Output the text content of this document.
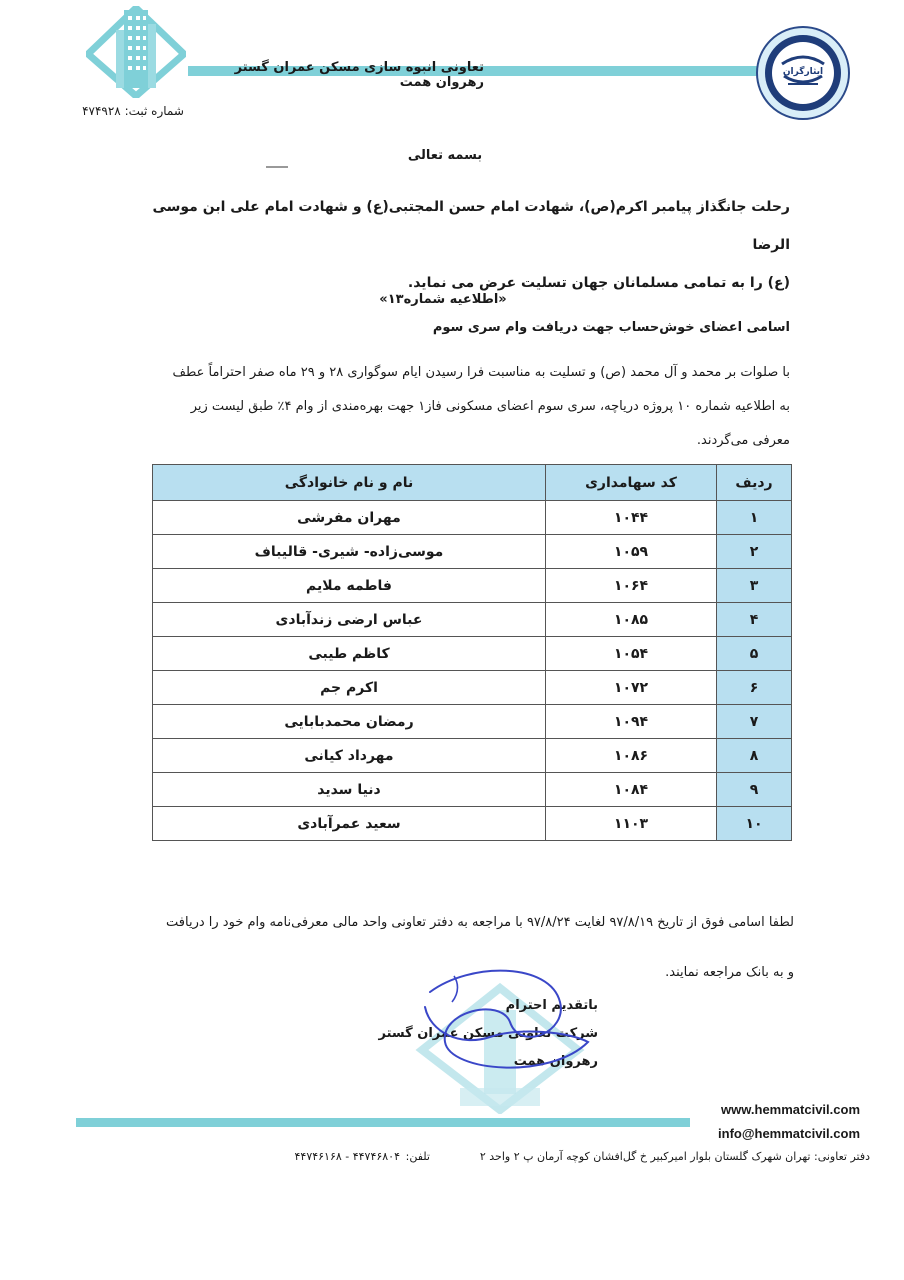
شماره ثبت: ۴۷۴۹۲۸
تعاونی انبوه سازی مسکن عمران گستر رهروان همت
ایثارگران
بسمه تعالی
رحلت جانگذاز پیامبر اکرم(ص)، شهادت امام حسن المجتبی(ع) و شهادت امام علی ابن موسی الرضا
(ع) را به تمامی مسلمانان جهان تسلیت عرض می نماید.
«اطلاعیه شماره۱۳»
اسامی اعضای خوش‌حساب جهت دریافت وام سری سوم
با صلوات بر محمد و آل محمد (ص) و تسلیت به مناسبت فرا رسیدن ایام سوگواری ۲۸ و ۲۹ ماه صفر احتراماً عطف
به اطلاعیه شماره ۱۰ پروژه دریاچه، سری سوم اعضای مسکونی فاز۱ جهت بهره‌مندی از وام ۴٪ طبق لیست زیر
معرفی می‌گردند.
ردیف	کد سهامداری	نام و نام خانوادگی
۱	۱۰۴۴	مهران مفرشی
۲	۱۰۵۹	موسی‌زاده- شیری- قالیباف
۳	۱۰۶۴	فاطمه ملایم
۴	۱۰۸۵	عباس ارضی زندآبادی
۵	۱۰۵۴	کاظم طیبی
۶	۱۰۷۲	اکرم جم
۷	۱۰۹۴	رمضان محمدبابایی
۸	۱۰۸۶	مهرداد کیانی
۹	۱۰۸۴	دنیا سدید
۱۰	۱۱۰۳	سعید عمرآبادی
لطفا اسامی فوق از تاریخ ۹۷/۸/۱۹ لغایت ۹۷/۸/۲۴ با مراجعه به دفتر تعاونی واحد مالی معرفی‌نامه وام خود را دریافت
و به بانک مراجعه نمایند.
باتقدیم احترام
شرکت تعاونی مسکن عمران گستر رهروان همت
www.hemmatcivil.com
info@hemmatcivil.com
دفتر تعاونی: تهران شهرک گلستان بلوار امیرکبیر خ گل‌افشان کوچه آرمان پ ۲ واحد ۲
تلفن:
۴۴۷۴۶۸۰۴ - ۴۴۷۴۶۱۶۸
